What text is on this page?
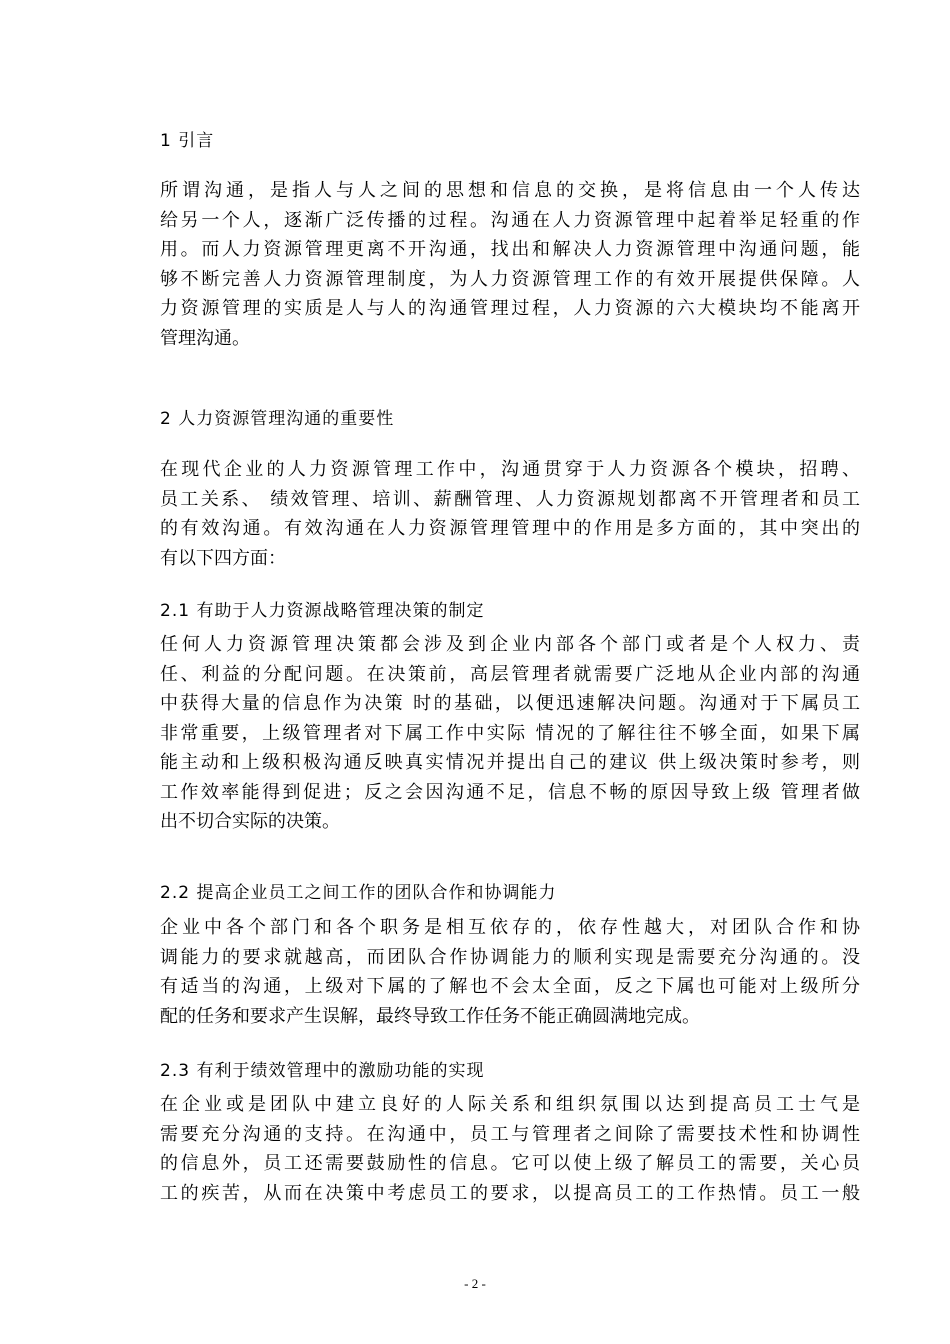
1 引言
所谓沟通，是指人与人之间的思想和信息的交换，是将信息由一个人传达
给另一个人，逐渐广泛传播的过程。沟通在人力资源管理中起着举足轻重的作
用。而人力资源管理更离不开沟通，找出和解决人力资源管理中沟通问题，能
够不断完善人力资源管理制度，为人力资源管理工作的有效开展提供保障。人
力资源管理的实质是人与人的沟通管理过程，人力资源的六大模块均不能离开
管理沟通。
2 人力资源管理沟通的重要性
在现代企业的人力资源管理工作中，沟通贯穿于人力资源各个模块，招聘、
员工关系、 绩效管理、培训、薪酬管理、人力资源规划都离不开管理者和员工
的有效沟通。有效沟通在人力资源管理管理中的作用是多方面的，其中突出的
有以下四方面：
2.1 有助于人力资源战略管理决策的制定
任何人力资源管理决策都会涉及到企业内部各个部门或者是个人权力、责
任、利益的分配问题。在决策前，高层管理者就需要广泛地从企业内部的沟通
中获得大量的信息作为决策 时的基础，以便迅速解决问题。沟通对于下属员工
非常重要，上级管理者对下属工作中实际 情况的了解往往不够全面，如果下属
能主动和上级积极沟通反映真实情况并提出自己的建议 供上级决策时参考，则
工作效率能得到促进；反之会因沟通不足，信息不畅的原因导致上级 管理者做
出不切合实际的决策。
2.2 提高企业员工之间工作的团队合作和协调能力
企业中各个部门和各个职务是相互依存的，依存性越大，对团队合作和协
调能力的要求就越高，而团队合作协调能力的顺利实现是需要充分沟通的。没
有适当的沟通，上级对下属的了解也不会太全面，反之下属也可能对上级所分
配的任务和要求产生误解，最终导致工作任务不能正确圆满地完成。
2.3 有利于绩效管理中的激励功能的实现
在企业或是团队中建立良好的人际关系和组织氛围以达到提高员工士气是
需要充分沟通的支持。在沟通中，员工与管理者之间除了需要技术性和协调性
的信息外，员工还需要鼓励性的信息。它可以使上级了解员工的需要，关心员
工的疾苦，从而在决策中考虑员工的要求，以提高员工的工作热情。员工一般
- 2 -
